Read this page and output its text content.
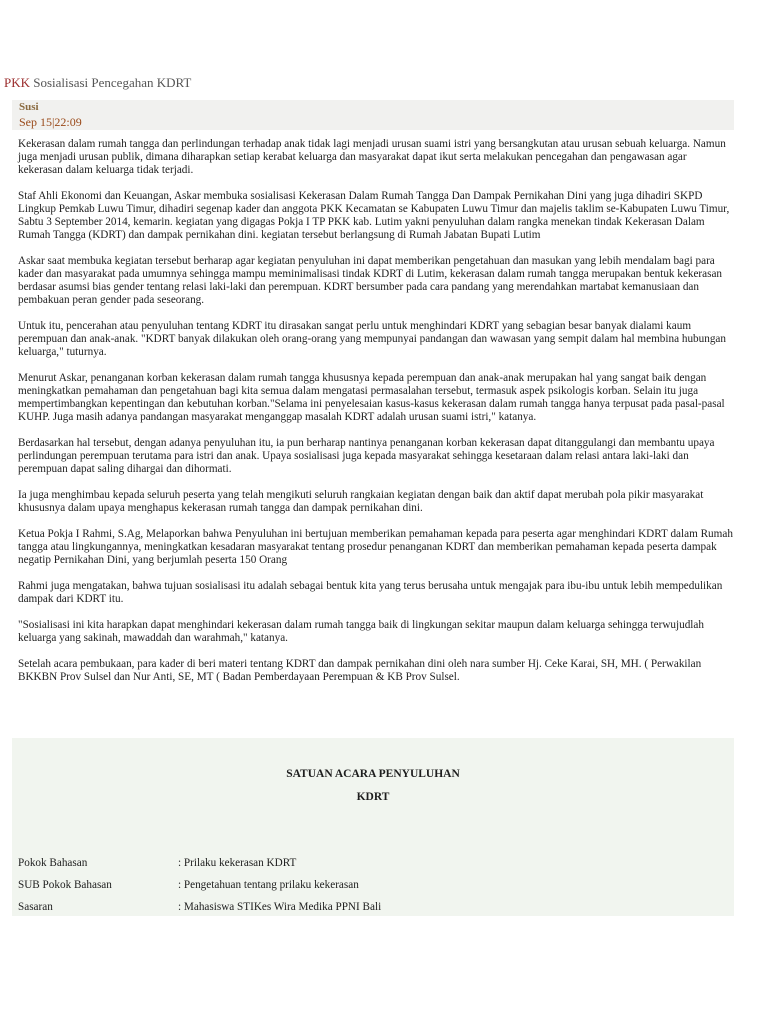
PKK Sosialisasi Pencegahan KDRT
Susi
Sep 15|22:09

Kekerasan dalam rumah tangga dan perlindungan terhadap anak tidak lagi menjadi urusan suami istri yang bersangkutan atau urusan sebuah keluarga. Namun juga menjadi urusan publik, dimana diharapkan setiap kerabat keluarga dan masyarakat dapat ikut serta melakukan pencegahan dan pengawasan agar kekerasan dalam keluarga tidak terjadi.

Staf Ahli Ekonomi dan Keuangan, Askar membuka sosialisasi Kekerasan Dalam Rumah Tangga Dan Dampak Pernikahan Dini yang juga dihadiri SKPD Lingkup Pemkab Luwu Timur, dihadiri segenap kader dan anggota PKK Kecamatan se Kabupaten Luwu Timur dan majelis taklim se-Kabupaten Luwu Timur, Sabtu 3 September 2014, kemarin. kegiatan yang digagas Pokja I TP PKK kab. Lutim yakni penyuluhan dalam rangka menekan tindak Kekerasan Dalam Rumah Tangga (KDRT) dan dampak pernikahan dini. kegiatan tersebut berlangsung di Rumah Jabatan Bupati Lutim

Askar saat membuka kegiatan tersebut berharap agar kegiatan penyuluhan ini dapat memberikan pengetahuan dan masukan yang lebih mendalam bagi para kader dan masyarakat pada umumnya sehingga mampu meminimalisasi tindak KDRT di Lutim, kekerasan dalam rumah tangga merupakan bentuk kekerasan berdasar asumsi bias gender tentang relasi laki-laki dan perempuan. KDRT bersumber pada cara pandang yang merendahkan martabat kemanusiaan dan pembakuan peran gender pada seseorang.

Untuk itu, pencerahan atau penyuluhan tentang KDRT itu dirasakan sangat perlu untuk menghindari KDRT yang sebagian besar banyak dialami kaum perempuan dan anak-anak. "KDRT banyak dilakukan oleh orang-orang yang mempunyai pandangan dan wawasan yang sempit dalam hal membina hubungan keluarga," tuturnya.

Menurut Askar, penanganan korban kekerasan dalam rumah tangga khususnya kepada perempuan dan anak-anak merupakan hal yang sangat baik dengan meningkatkan pemahaman dan pengetahuan bagi kita semua dalam mengatasi permasalahan tersebut, termasuk aspek psikologis korban. Selain itu juga mempertimbangkan kepentingan dan kebutuhan korban."Selama ini penyelesaian kasus-kasus kekerasan dalam rumah tangga hanya terpusat pada pasal-pasal KUHP. Juga masih adanya pandangan masyarakat menganggap masalah KDRT adalah urusan suami istri," katanya.

Berdasarkan hal tersebut, dengan adanya penyuluhan itu, ia pun berharap nantinya penanganan korban kekerasan dapat ditanggulangi dan membantu upaya perlindungan perempuan terutama para istri dan anak. Upaya sosialisasi juga kepada masyarakat sehingga kesetaraan dalam relasi antara laki-laki dan perempuan dapat saling dihargai dan dihormati.

Ia juga menghimbau kepada seluruh peserta yang telah mengikuti seluruh rangkaian kegiatan dengan baik dan aktif dapat merubah pola pikir masyarakat khususnya dalam upaya menghapus kekerasan rumah tangga dan dampak pernikahan dini.

Ketua Pokja I Rahmi, S.Ag, Melaporkan bahwa Penyuluhan ini bertujuan memberikan pemahaman kepada para peserta agar menghindari KDRT dalam Rumah tangga atau lingkungannya, meningkatkan kesadaran masyarakat tentang prosedur penanganan KDRT dan memberikan pemahaman kepada peserta dampak negatip Pernikahan Dini, yang berjumlah peserta 150 Orang

Rahmi juga mengatakan, bahwa tujuan sosialisasi itu adalah sebagai bentuk kita yang terus berusaha untuk mengajak para ibu-ibu untuk lebih mempedulikan dampak dari KDRT itu.

"Sosialisasi ini kita harapkan dapat menghindari kekerasan dalam rumah tangga baik di lingkungan sekitar maupun dalam keluarga sehingga terwujudlah keluarga yang sakinah, mawaddah dan warahmah," katanya.

Setelah acara pembukaan, para kader di beri materi tentang KDRT dan dampak pernikahan dini oleh nara sumber Hj. Ceke Karai, SH, MH. ( Perwakilan BKKBN Prov Sulsel dan Nur Anti, SE, MT ( Badan Pemberdayaan Perempuan & KB Prov Sulsel.

SATUAN ACARA PENYULUHAN
KDRT
Pokok Bahasan	: Prilaku kekerasan KDRT
SUB Pokok Bahasan	: Pengetahuan tentang prilaku kekerasan
Sasaran	: Mahasiswa STIKes Wira Medika PPNI Bali
